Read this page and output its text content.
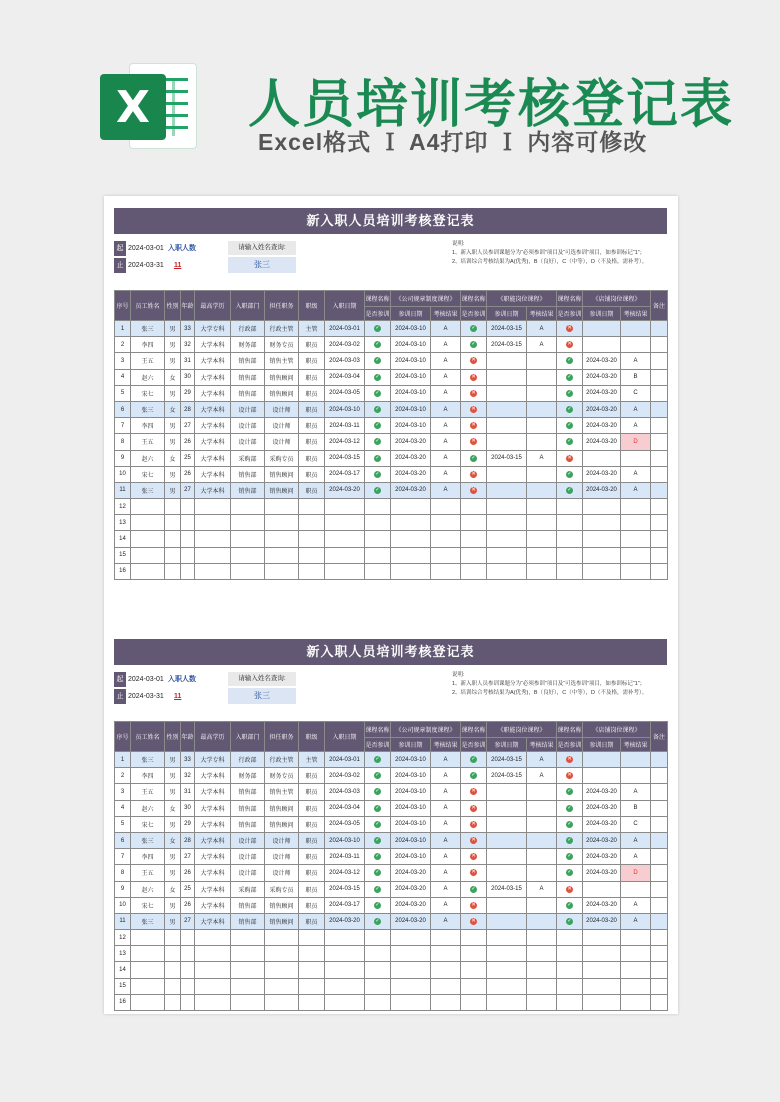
X	人员培训考核登记表
Excel格式 Ｉ A4打印 Ｉ 内容可修改
新入职人员培训考核登记表
起 2024-03-01
止 2024-03-31
入职人数
11
请输入姓名查询:
张三
说明:
1、新入职人员参训课题分为“必须参训”项目及“可选参训”项目，如参训标记“1”；
2、培训综合考核结果为A(优秀)，B（良好），C（中等），D（不及格，需补考）。
序号	员工姓名	性别	年龄	最高学历	入职部门	担任职务	职级	入职日期	课程名称	《公司规章制度课程》		课程名称	《职能岗位课程》		课程名称	《店铺岗位课程》		备注
									是否参训	参训日期	考核结果	是否参训	参训日期	考核结果	是否参训	参训日期	考核结果	
1	张三	男	33	大学专科	行政部	行政主管	主管	2024-03-01	✓	2024-03-10	A	✓	2024-03-15	A	✕			
2	李四	男	32	大学本科	财务部	财务专员	职员	2024-03-02	✓	2024-03-10	A	✓	2024-03-15	A	✕			
3	王五	男	31	大学本科	销售部	销售主管	职员	2024-03-03	✓	2024-03-10	A	✕			✓	2024-03-20	A	
4	赵六	女	30	大学本科	销售部	销售顾问	职员	2024-03-04	✓	2024-03-10	A	✕			✓	2024-03-20	B	
5	宋七	男	29	大学本科	销售部	销售顾问	职员	2024-03-05	✓	2024-03-10	A	✕			✓	2024-03-20	C	
6	张三	女	28	大学本科	设计部	设计师	职员	2024-03-10	✓	2024-03-10	A	✕			✓	2024-03-20	A	
7	李四	男	27	大学本科	设计部	设计师	职员	2024-03-11	✓	2024-03-10	A	✕			✓	2024-03-20	A	
8	王五	男	26	大学本科	设计部	设计师	职员	2024-03-12	✓	2024-03-20	A	✕			✓	2024-03-20	D	
9	赵六	女	25	大学本科	采购部	采购专员	职员	2024-03-15	✓	2024-03-20	A	✓	2024-03-15	A	✕			
10	宋七	男	26	大学本科	销售部	销售顾问	职员	2024-03-17	✓	2024-03-20	A	✕			✓	2024-03-20	A	
11	张三	男	27	大学本科	销售部	销售顾问	职员	2024-03-20	✓	2024-03-20	A	✕			✓	2024-03-20	A	
12																		
13																		
14																		
15																		
16																		
新入职人员培训考核登记表
起 2024-03-01
止 2024-03-31
入职人数
11
请输入姓名查询:
张三
说明:
1、新入职人员参训课题分为“必须参训”项目及“可选参训”项目，如参训标记“1”；
2、培训综合考核结果为A(优秀)，B（良好），C（中等），D（不及格，需补考）。
序号	员工姓名	性别	年龄	最高学历	入职部门	担任职务	职级	入职日期	课程名称	《公司规章制度课程》		课程名称	《职能岗位课程》		课程名称	《店铺岗位课程》		备注
									是否参训	参训日期	考核结果	是否参训	参训日期	考核结果	是否参训	参训日期	考核结果	
1	张三	男	33	大学专科	行政部	行政主管	主管	2024-03-01	✓	2024-03-10	A	✓	2024-03-15	A	✕			
2	李四	男	32	大学本科	财务部	财务专员	职员	2024-03-02	✓	2024-03-10	A	✓	2024-03-15	A	✕			
3	王五	男	31	大学本科	销售部	销售主管	职员	2024-03-03	✓	2024-03-10	A	✕			✓	2024-03-20	A	
4	赵六	女	30	大学本科	销售部	销售顾问	职员	2024-03-04	✓	2024-03-10	A	✕			✓	2024-03-20	B	
5	宋七	男	29	大学本科	销售部	销售顾问	职员	2024-03-05	✓	2024-03-10	A	✕			✓	2024-03-20	C	
6	张三	女	28	大学本科	设计部	设计师	职员	2024-03-10	✓	2024-03-10	A	✕			✓	2024-03-20	A	
7	李四	男	27	大学本科	设计部	设计师	职员	2024-03-11	✓	2024-03-10	A	✕			✓	2024-03-20	A	
8	王五	男	26	大学本科	设计部	设计师	职员	2024-03-12	✓	2024-03-20	A	✕			✓	2024-03-20	D	
9	赵六	女	25	大学本科	采购部	采购专员	职员	2024-03-15	✓	2024-03-20	A	✓	2024-03-15	A	✕			
10	宋七	男	26	大学本科	销售部	销售顾问	职员	2024-03-17	✓	2024-03-20	A	✕			✓	2024-03-20	A	
11	张三	男	27	大学本科	销售部	销售顾问	职员	2024-03-20	✓	2024-03-20	A	✕			✓	2024-03-20	A	
12																		
13																		
14																		
15																		
16																		
